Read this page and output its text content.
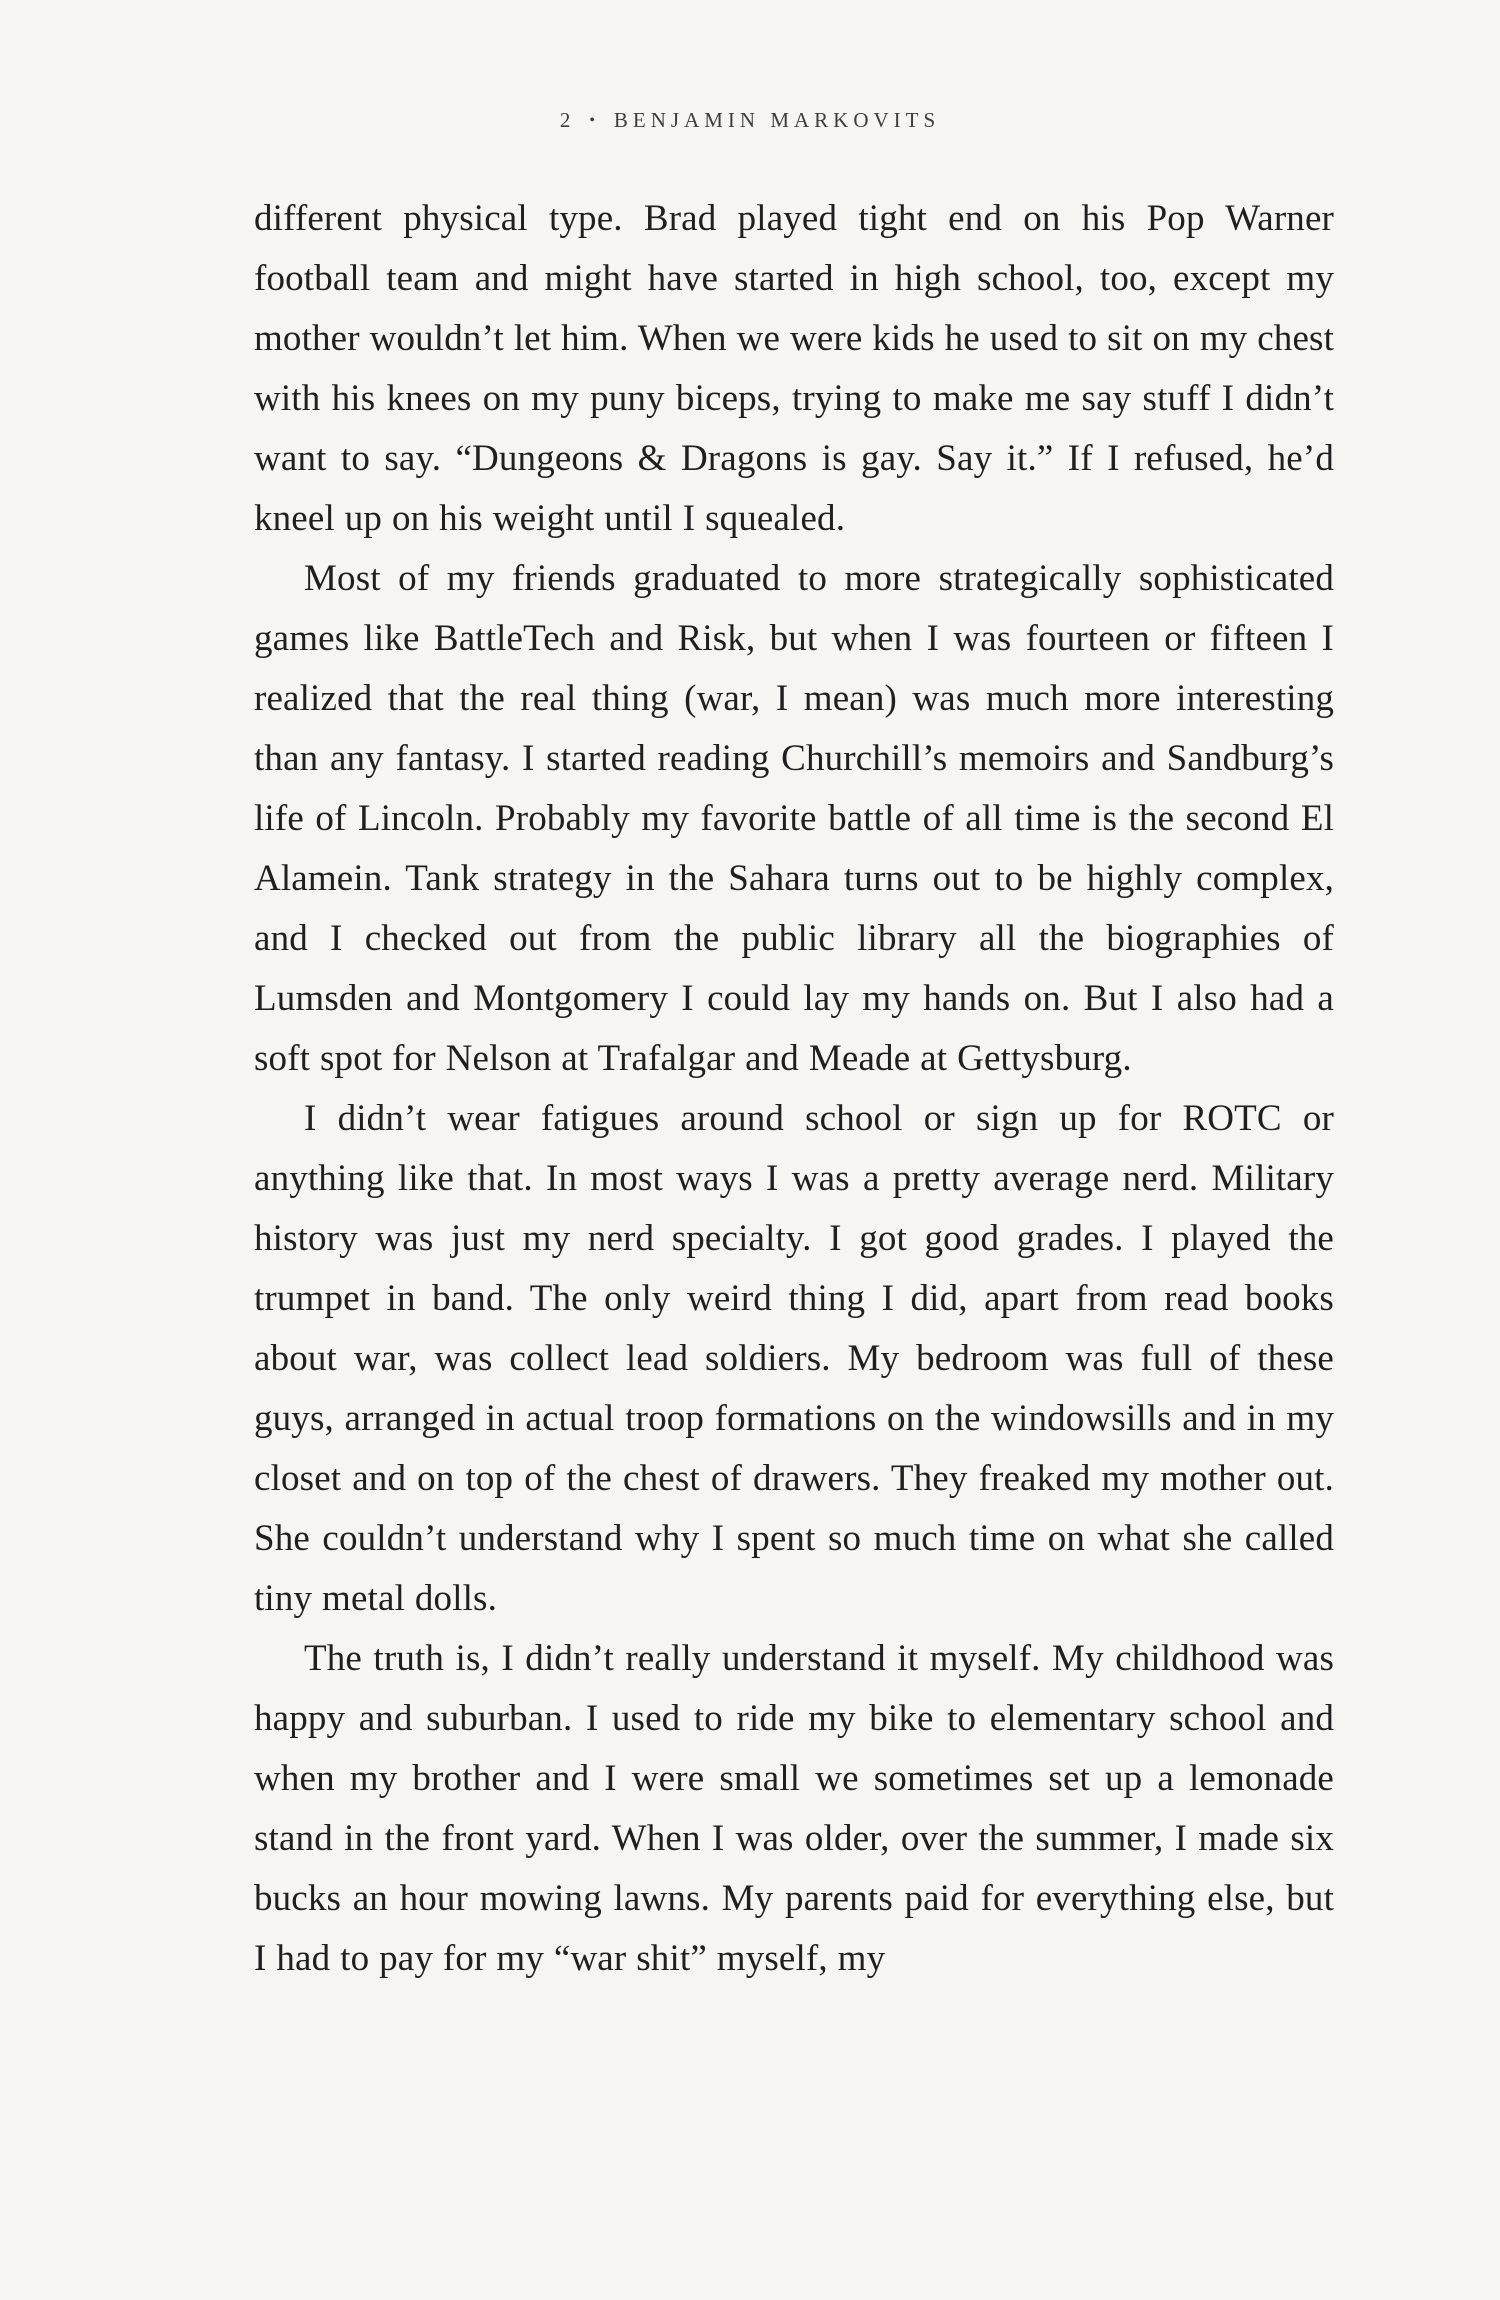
2 • BENJAMIN MARKOVITS

different physical type. Brad played tight end on his Pop Warner football team and might have started in high school, too, except my mother wouldn’t let him. When we were kids he used to sit on my chest with his knees on my puny biceps, trying to make me say stuff I didn’t want to say. “Dungeons & Dragons is gay. Say it.” If I refused, he’d kneel up on his weight until I squealed.

Most of my friends graduated to more strategically sophisticated games like BattleTech and Risk, but when I was fourteen or fifteen I realized that the real thing (war, I mean) was much more interesting than any fantasy. I started reading Churchill’s memoirs and Sandburg’s life of Lincoln. Probably my favorite battle of all time is the second El Alamein. Tank strategy in the Sahara turns out to be highly complex, and I checked out from the public library all the biographies of Lumsden and Montgomery I could lay my hands on. But I also had a soft spot for Nelson at Trafalgar and Meade at Gettysburg.

I didn’t wear fatigues around school or sign up for ROTC or anything like that. In most ways I was a pretty average nerd. Military history was just my nerd specialty. I got good grades. I played the trumpet in band. The only weird thing I did, apart from read books about war, was collect lead soldiers. My bedroom was full of these guys, arranged in actual troop formations on the windowsills and in my closet and on top of the chest of drawers. They freaked my mother out. She couldn’t understand why I spent so much time on what she called tiny metal dolls.

The truth is, I didn’t really understand it myself. My childhood was happy and suburban. I used to ride my bike to elementary school and when my brother and I were small we sometimes set up a lemonade stand in the front yard. When I was older, over the summer, I made six bucks an hour mowing lawns. My parents paid for everything else, but I had to pay for my “war shit” myself, my
